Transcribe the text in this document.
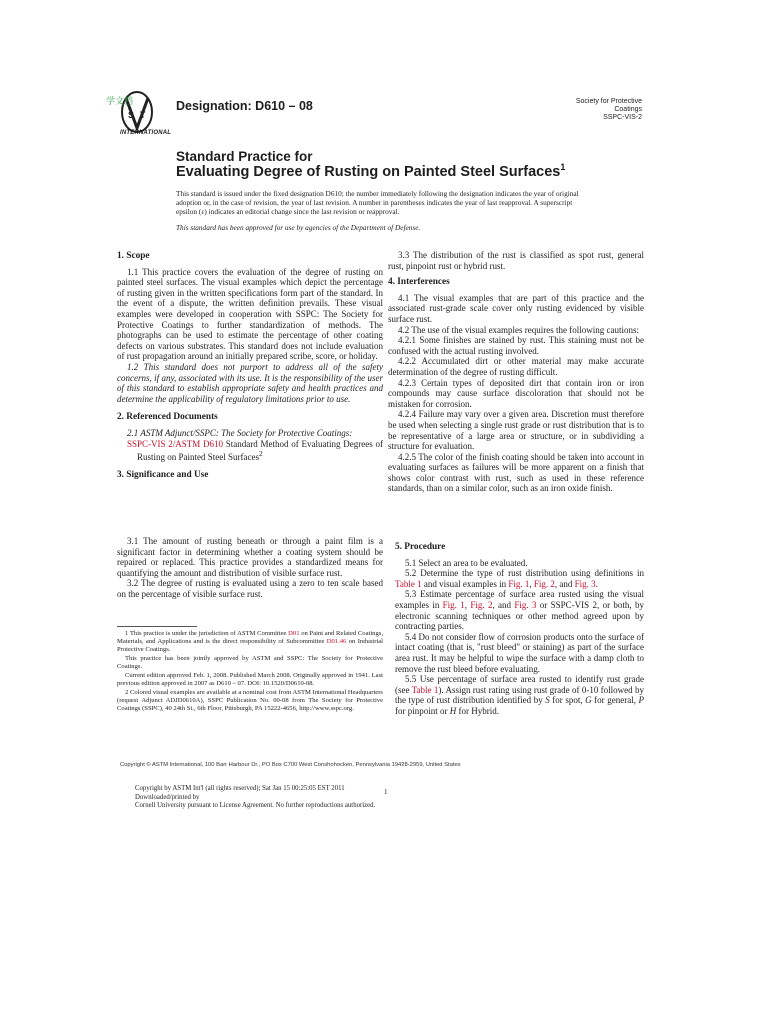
S T
学文档
INTERNATIONAL
Designation: D610 – 08	Society for Protective Coatings
SSPC-VIS-2
Standard Practice for
Evaluating Degree of Rusting on Painted Steel Surfaces$^1$
This standard is issued under the fixed designation D610; the number immediately following the designation indicates the year of original adoption or, in the case of revision, the year of last revision. A number in parentheses indicates the year of last reapproval. A superscript epsilon (ε) indicates an editorial change since the last revision or reapproval.
This standard has been approved for use by agencies of the Department of Defense.

1. Scope

1.1 This practice covers the evaluation of the degree of rusting on painted steel surfaces. The visual examples which depict the percentage of rusting given in the written specifications form part of the standard. In the event of a dispute, the written definition prevails. These visual examples were developed in cooperation with SSPC: The Society for Protective Coatings to further standardization of methods. The photographs can be used to estimate the percentage of other coating defects on various substrates. This standard does not include evaluation of rust propagation around an initially prepared scribe, score, or holiday.

1.2 This standard does not purport to address all of the safety concerns, if any, associated with its use. It is the responsibility of the user of this standard to establish appropriate safety and health practices and determine the applicability of regulatory limitations prior to use.

2. Referenced Documents

2.1 ASTM Adjunct/SSPC: The Society for Protective Coatings:

SSPC-VIS 2/ASTM D610 Standard Method of Evaluating Degrees of Rusting on Painted Steel Surfaces$^2$

3. Significance and Use

3.1 The amount of rusting beneath or through a paint film is a significant factor in determining whether a coating system should be repaired or replaced. This practice provides a standardized means for quantifying the amount and distribution of visible surface rust.

3.2 The degree of rusting is evaluated using a zero to ten scale based on the percentage of visible surface rust.

1 This practice is under the jurisdiction of ASTM Committee D01 on Paint and Related Coatings, Materials, and Applications and is the direct responsibility of Subcommittee D01.46 on Industrial Protective Coatings.

This practice has been jointly approved by ASTM and SSPC: The Society for Protective Coatings.

Current edition approved Feb. 1, 2008. Published March 2008. Originally approved in 1941. Last previous edition approved in 2007 as D610 – 07. DOI: 10.1520/D0610-08.

2 Colored visual examples are available at a nominal cost from ASTM International Headquarters (request Adjunct ADJD0610A), SSPC Publication No. 00-08 from The Society for Protective Coatings (SSPC), 40 24th St., 6th Floor, Pittsburgh, PA 15222-4656, http://www.sspc.org.

3.3 The distribution of the rust is classified as spot rust, general rust, pinpoint rust or hybrid rust.

4. Interferences

4.1 The visual examples that are part of this practice and the associated rust-grade scale cover only rusting evidenced by visible surface rust.

4.2 The use of the visual examples requires the following cautions:

4.2.1 Some finishes are stained by rust. This staining must not be confused with the actual rusting involved.

4.2.2 Accumulated dirt or other material may make accurate determination of the degree of rusting difficult.

4.2.3 Certain types of deposited dirt that contain iron or iron compounds may cause surface discoloration that should not be mistaken for corrosion.

4.2.4 Failure may vary over a given area. Discretion must therefore be used when selecting a single rust grade or rust distribution that is to be representative of a large area or structure, or in subdividing a structure for evaluation.

4.2.5 The color of the finish coating should be taken into account in evaluating surfaces as failures will be more apparent on a finish that shows color contrast with rust, such as used in these reference standards, than on a similar color, such as an iron oxide finish.

5. Procedure

5.1 Select an area to be evaluated.

5.2 Determine the type of rust distribution using definitions in Table 1 and visual examples in Fig. 1, Fig. 2, and Fig. 3.

5.3 Estimate percentage of surface area rusted using the visual examples in Fig. 1, Fig. 2, and Fig. 3 or SSPC-VIS 2, or both, by electronic scanning techniques or other method agreed upon by contracting parties.

5.4 Do not consider flow of corrosion products onto the surface of intact coating (that is, "rust bleed" or staining) as part of the surface area rust. It may be helpful to wipe the surface with a damp cloth to remove the rust bleed before evaluating.

5.5 Use percentage of surface area rusted to identify rust grade (see Table 1). Assign rust rating using rust grade of 0-10 followed by the type of rust distribution identified by S for spot, G for general, P for pinpoint or H for Hybrid.

Copyright © ASTM International, 100 Barr Harbour Dr., PO Box C700 West Conshohocken, Pennsylvania 19428-2959, United States
Copyright by ASTM Int'l (all rights reserved); Sat Jan 15 00:25:05 EST 2011
Downloaded/printed by
Cornell University pursuant to License Agreement. No further reproductions authorized.
1
